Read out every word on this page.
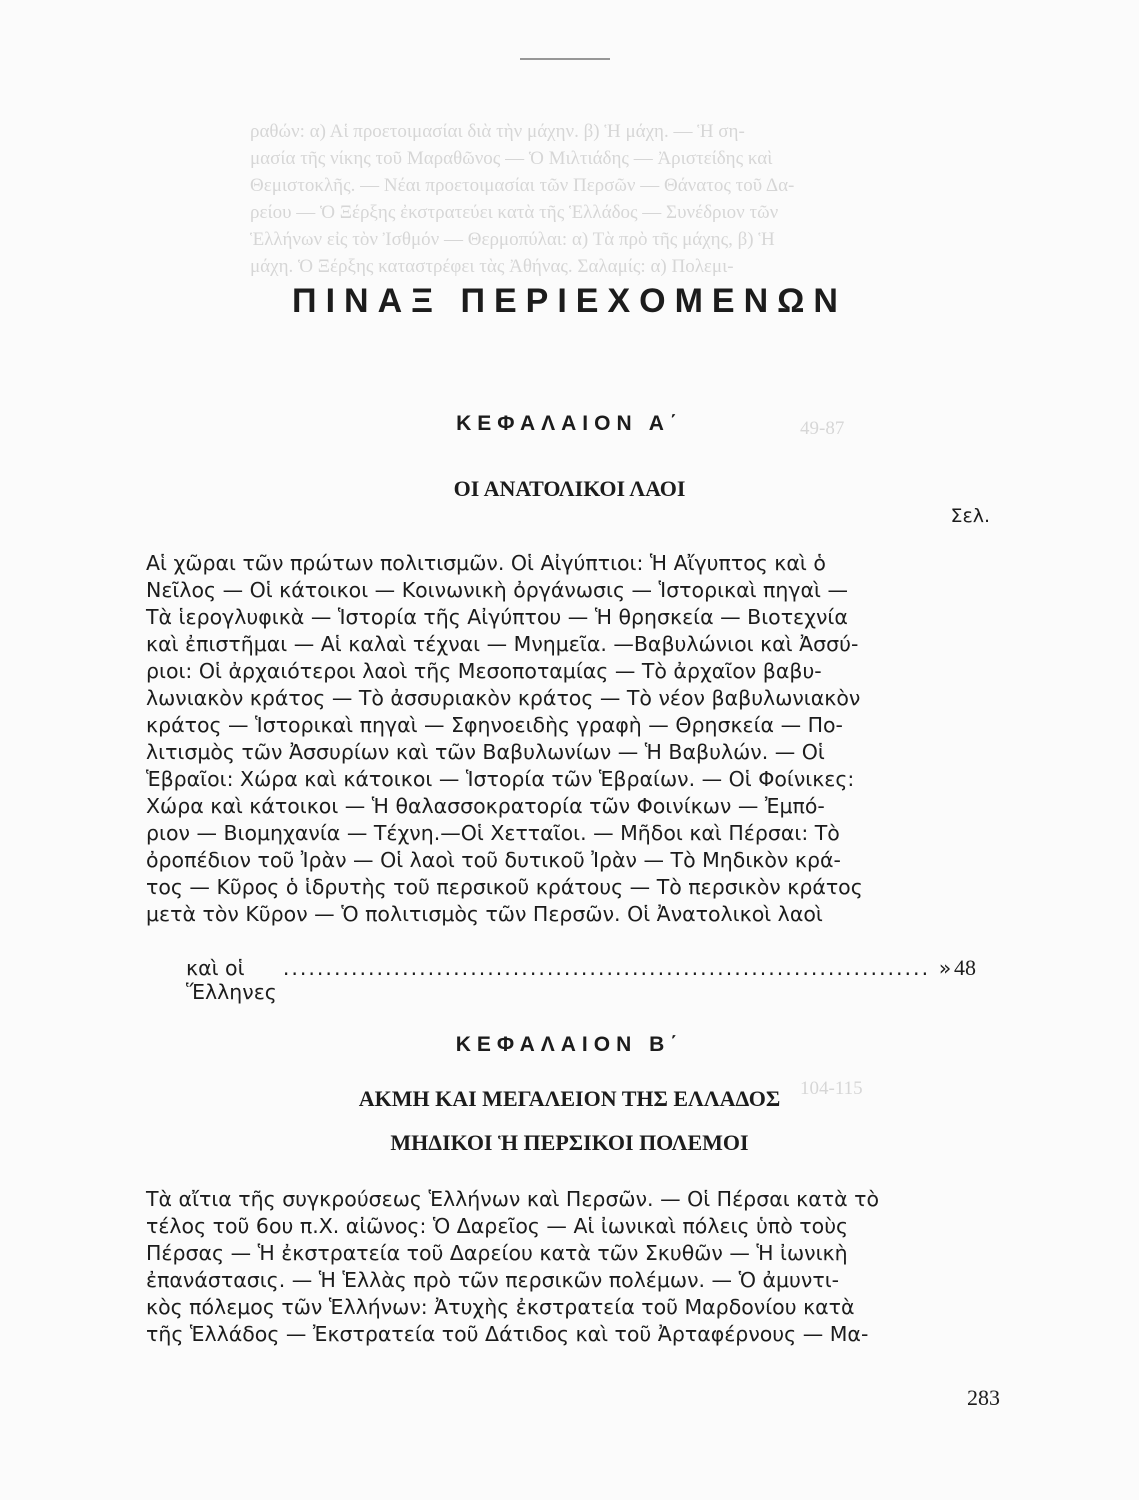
ραθών: α) Αἱ προετοιμασίαι διὰ τὴν μάχην. β) Ἡ μάχη. — Ἡ ση-
μασία τῆς νίκης τοῦ Μαραθῶνος — Ὁ Μιλτιάδης — Ἀριστείδης καὶ
Θεμιστοκλῆς. — Νέαι προετοιμασίαι τῶν Περσῶν — Θάνατος τοῦ Δα-
ρείου — Ὁ Ξέρξης ἐκστρατεύει κατὰ τῆς Ἑλλάδος — Συνέδριον τῶν
Ἑλλήνων εἰς τὸν Ἰσθμόν — Θερμοπύλαι: α) Τὰ πρὸ τῆς μάχης, β) Ἡ
μάχη. Ὁ Ξέρξης καταστρέφει τὰς Ἀθήνας. Σαλαμίς: α) Πολεμι-
49-87
104-115
ΠΙΝΑΞ ΠΕΡΙΕΧΟΜΕΝΩΝ
ΚΕΦΑΛΑΙΟΝ Α΄
ΟΙ ΑΝΑΤΟΛΙΚΟΙ ΛΑΟΙ
Σελ.

Αἱ χῶραι τῶν πρώτων πολιτισμῶν. Οἱ Αἰγύπτιοι: Ἡ Αἴγυπτος καὶ ὁ

Νεῖλος — Οἱ κάτοικοι — Κοινωνικὴ ὀργάνωσις — Ἱστορικαὶ πηγαὶ —

Τὰ ἱερογλυφικὰ — Ἱστορία τῆς Αἰγύπτου — Ἡ θρησκεία — Βιοτεχνία

καὶ ἐπιστῆμαι — Αἱ καλαὶ τέχναι — Μνημεῖα. —Βαβυλώνιοι καὶ Ἀσσύ-

ριοι: Οἱ ἀρχαιότεροι λαοὶ τῆς Μεσοποταμίας — Τὸ ἀρχαῖον βαβυ-

λωνιακὸν κράτος — Τὸ ἀσσυριακὸν κράτος — Τὸ νέον βαβυλωνιακὸν

κράτος — Ἱστορικαὶ πηγαὶ — Σφηνοειδὴς γραφὴ — Θρησκεία — Πο-

λιτισμὸς τῶν Ἀσσυρίων καὶ τῶν Βαβυλωνίων — Ἡ Βαβυλών. — Οἱ

Ἑβραῖοι: Χώρα καὶ κάτοικοι — Ἱστορία τῶν Ἑβραίων. — Οἱ Φοίνικες:

Χώρα καὶ κάτοικοι — Ἡ θαλασσοκρατορία τῶν Φοινίκων — Ἐμπό-

ριον — Βιομηχανία — Τέχνη.—Οἱ Χετταῖοι. — Μῆδοι καὶ Πέρσαι: Τὸ

ὀροπέδιον τοῦ Ἰρὰν — Οἱ λαοὶ τοῦ δυτικοῦ Ἰρὰν — Τὸ Μηδικὸν κρά-

τος — Κῦρος ὁ ἱδρυτὴς τοῦ περσικοῦ κράτους — Τὸ περσικὸν κράτος

μετὰ τὸν Κῦρον — Ὁ πολιτισμὸς τῶν Περσῶν. Οἱ Ἀνατολικοὶ λαοὶ

καὶ οἱ Ἕλληνες
............................................................................ » 48
ΚΕΦΑΛΑΙΟΝ Β΄
ΑΚΜΗ ΚΑΙ ΜΕΓΑΛΕΙΟΝ ΤΗΣ ΕΛΛΑΔΟΣ
ΜΗΔΙΚΟΙ Ἡ ΠΕΡΣΙΚΟΙ ΠΟΛΕΜΟΙ

Τὰ αἴτια τῆς συγκρούσεως Ἑλλήνων καὶ Περσῶν. — Οἱ Πέρσαι κατὰ τὸ

τέλος τοῦ 6ου π.Χ. αἰῶνος: Ὁ Δαρεῖος — Αἱ ἰωνικαὶ πόλεις ὑπὸ τοὺς

Πέρσας — Ἡ ἐκστρατεία τοῦ Δαρείου κατὰ τῶν Σκυθῶν — Ἡ ἰωνικὴ

ἐπανάστασις. — Ἡ Ἑλλὰς πρὸ τῶν περσικῶν πολέμων. — Ὁ ἀμυντι-

κὸς πόλεμος τῶν Ἑλλήνων: Ἀτυχὴς ἐκστρατεία τοῦ Μαρδονίου κατὰ

τῆς Ἑλλάδος — Ἐκστρατεία τοῦ Δάτιδος καὶ τοῦ Ἀρταφέρνους — Μα-

283
